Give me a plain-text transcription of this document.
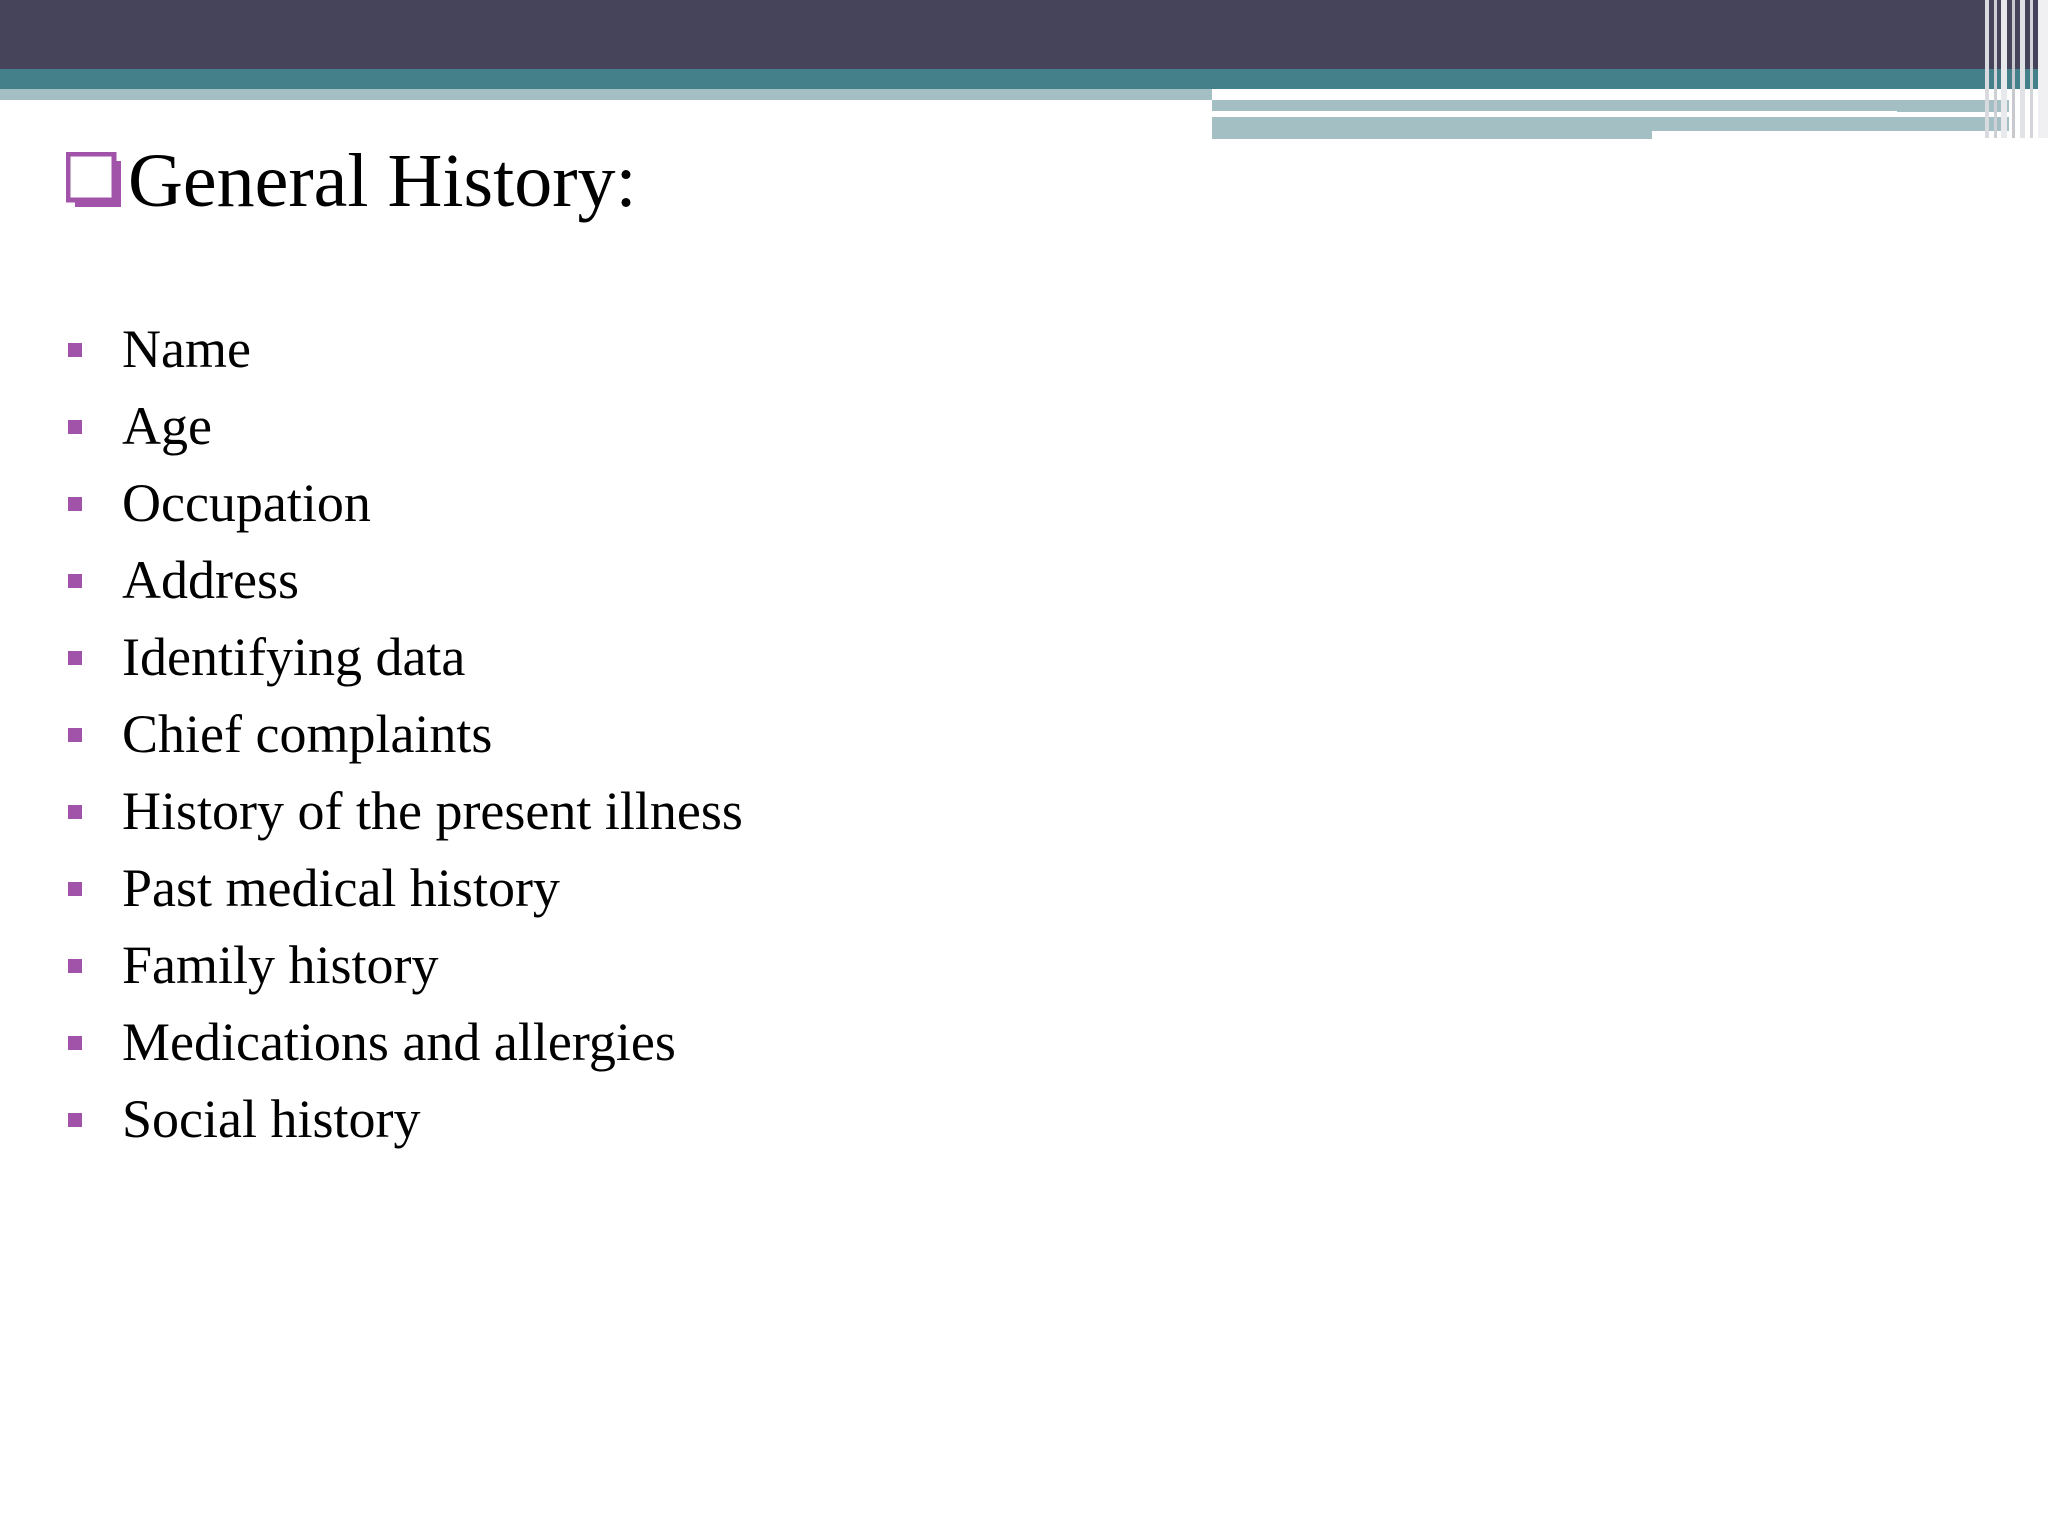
General History:
Name
Age
Occupation
Address
Identifying data
Chief complaints
History of the present illness
Past medical history
Family history
Medications and allergies
Social history
